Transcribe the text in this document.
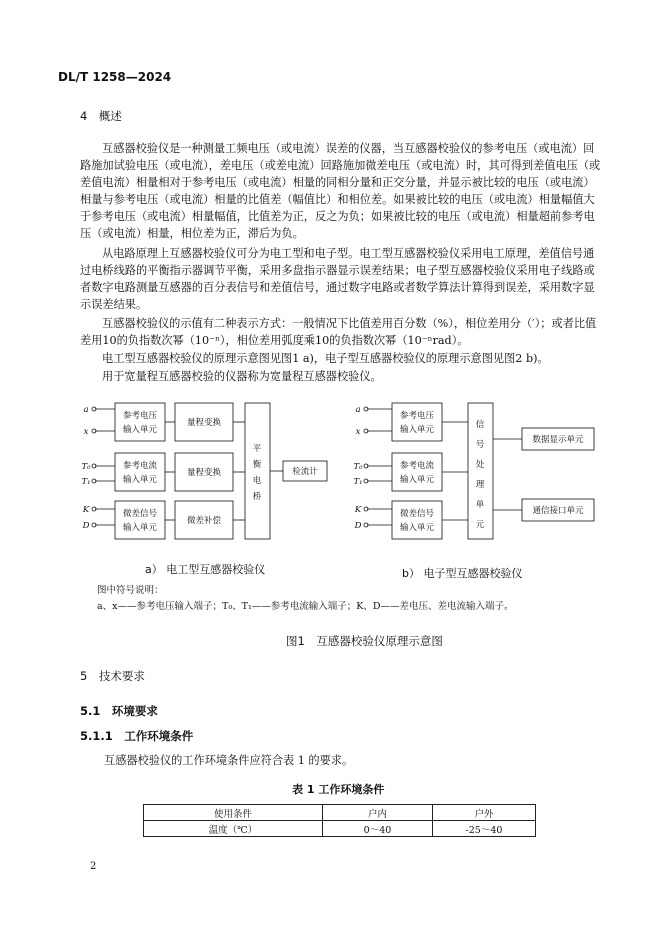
DL/T 1258—2024
4　概述
互感器校验仪是一种测量工频电压（或电流）误差的仪器，当互感器校验仪的参考电压（或电流）回路施加试验电压（或电流），差电压（或差电流）回路施加微差电压（或电流）时，其可得到差值电压（或差值电流）相量相对于参考电压（或电流）相量的同相分量和正交分量，并显示被比较的电压（或电流）相量与参考电压（或电流）相量的比值差（幅值比）和相位差。如果被比较的电压（或电流）相量幅值大于参考电压（或电流）相量幅值，比值差为正，反之为负；如果被比较的电压（或电流）相量超前参考电压（或电流）相量，相位差为正，滞后为负。
从电路原理上互感器校验仪可分为电工型和电子型。电工型互感器校验仪采用电工原理，差值信号通过电桥线路的平衡指示器调节平衡，采用多盘指示器显示误差结果；电子型互感器校验仪采用电子线路或者数字电路测量互感器的百分表信号和差值信号，通过数字电路或者数学算法计算得到误差，采用数字显示误差结果。
互感器校验仪的示值有二种表示方式：一般情况下比值差用百分数（%），相位差用分（′）；或者比值差用10的负指数次幂（10⁻ⁿ），相位差用弧度乘10的负指数次幂（10⁻ⁿrad）。
电工型互感器校验仪的原理示意图见图1 a)，电子型互感器校验仪的原理示意图见图2 b)。
用于宽量程互感器校验的仪器称为宽量程互感器校验仪。
a
x
T₀
T₁
K
D
参考电压
输入单元
参考电流
输入单元
微差信号
输入单元
量程变换
量程变换
微差补偿
平
衡
电
桥
检流计
a
x
T₀
T₁
K
D
参考电压
输入单元
参考电流
输入单元
微差信号
输入单元
信
号
处
理
单
元
数据显示单元
通信接口单元
a） 电工型互感器校验仪	b） 电子型互感器校验仪
图中符号说明：
a、x——参考电压输入端子；T₀、T₁——参考电流输入端子；K、D——差电压、差电流输入端子。
图1　互感器校验仪原理示意图
5　技术要求
5.1　环境要求
5.1.1　工作环境条件
互感器校验仪的工作环境条件应符合表 1 的要求。
表 1 工作环境条件
使用条件	户内	户外
温度（℃）	0～40	-25～40
2
